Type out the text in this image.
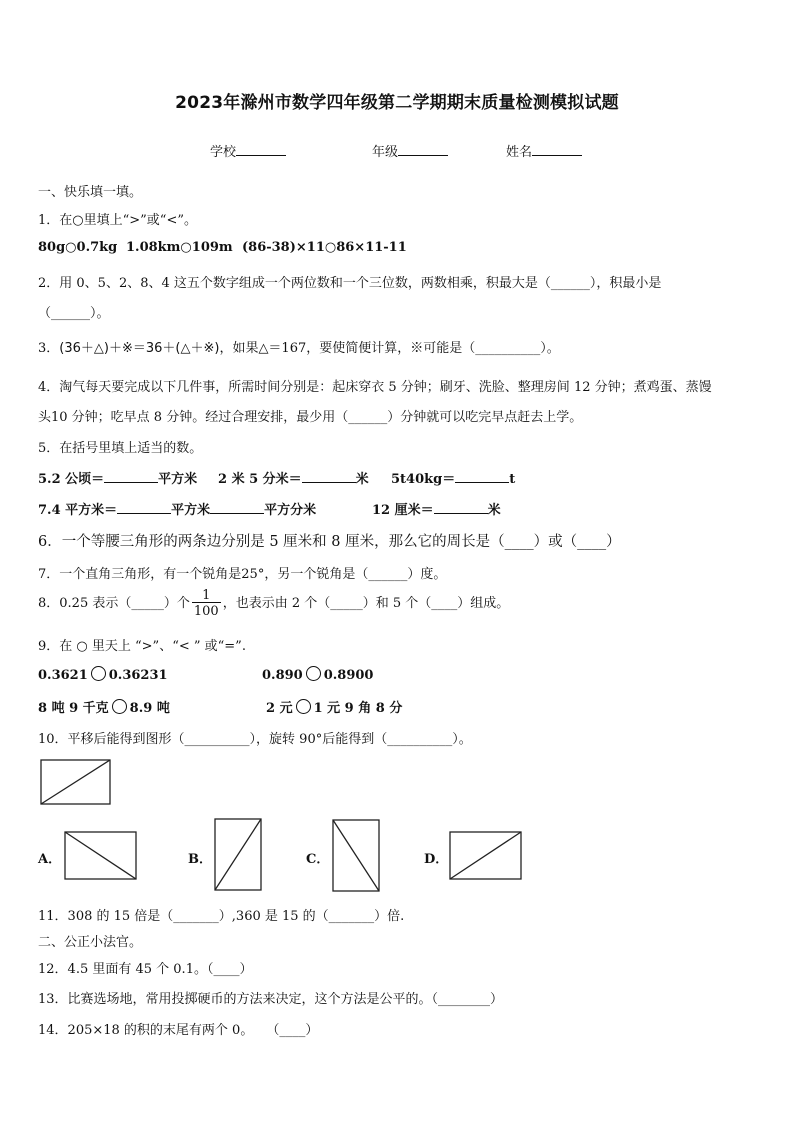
2023年滁州市数学四年级第二学期期末质量检测模拟试题
学校	年级	姓名
一、快乐填一填。
1．在○里填上“>”或“<”。
80g○0.7kg 1.08km○109m (86-38)×11○86×11-11
2．用 0、5、2、8、4 这五个数字组成一个两位数和一个三位数，两数相乘，积最大是（______），积最小是
（______）。
3．(36＋△)＋※＝36＋(△＋※)，如果△＝167，要使简便计算，※可能是（__________）。
4．淘气每天要完成以下几件事，所需时间分别是：起床穿衣 5 分钟；刷牙、洗脸、整理房间 12 分钟；煮鸡蛋、蒸馒
头10 分钟；吃早点 8 分钟。经过合理安排，最少用（______）分钟就可以吃完早点赶去上学。
5．在括号里填上适当的数。
5.2 公顷＝	平方米 2 米 5 分米＝	米 5t40kg＝	t
7.4 平方米＝	平方米	平方分米	12 厘米＝	米
6．一个等腰三角形的两条边分别是 5 厘米和 8 厘米，那么它的周长是（____）或（____）
7．一个直角三角形，有一个锐角是25°，另一个锐角是（______）度。
8．0.25 表示（_____）个 $\frac{1}{100}$ ，也表示由 2 个（_____）和 5 个（____）组成。
9．在 ○ 里天上 “>”、“< ” 或“=”.
0.3621 0.36231	0.890 0.8900
8 吨 9 千克 8.9 吨	2 元 1 元 9 角 8 分
10．平移后能得到图形（__________），旋转 90°后能得到（__________）。
A．	B．	C．	D．
11．308 的 15 倍是（_______）,360 是 15 的（_______）倍.
二、公正小法官。
12．4.5 里面有 45 个 0.1。（____）
13．比赛选场地，常用投掷硬币的方法来决定，这个方法是公平的。（________）
14．205×18 的积的末尾有两个 0。　　（____）
